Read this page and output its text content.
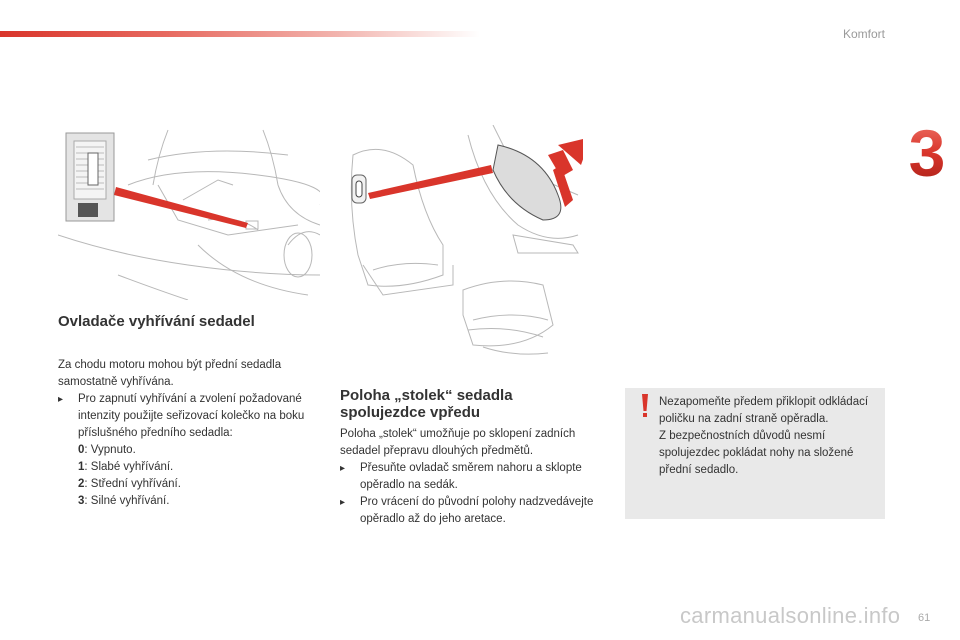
Komfort
3
Ovladače vyhřívání sedadel

Za chodu motoru mohou být přední sedadla samostatně vyhřívána.

▸ Pro zapnutí vyhřívání a zvolení požadované intenzity použijte seřizovací kolečko na boku příslušného předního sedadla:
0: Vypnuto.
1: Slabé vyhřívání.
2: Střední vyhřívání.
3: Silné vyhřívání.
Poloha „stolek“ sedadla
spolujezdce vpředu

Poloha „stolek“ umožňuje po sklopení zadních sedadel přepravu dlouhých předmětů.

▸ Přesuňte ovladač směrem nahoru a sklopte opěradlo na sedák.
▸ Pro vrácení do původní polohy nadzvedávejte opěradlo až do jeho aretace.

Nezapomeňte předem přiklopit odkládací poličku na zadní straně opěradla.

Z bezpečnostních důvodů nesmí spolujezdec pokládat nohy na složené přední sedadlo.

carmanualsonline.info 61
